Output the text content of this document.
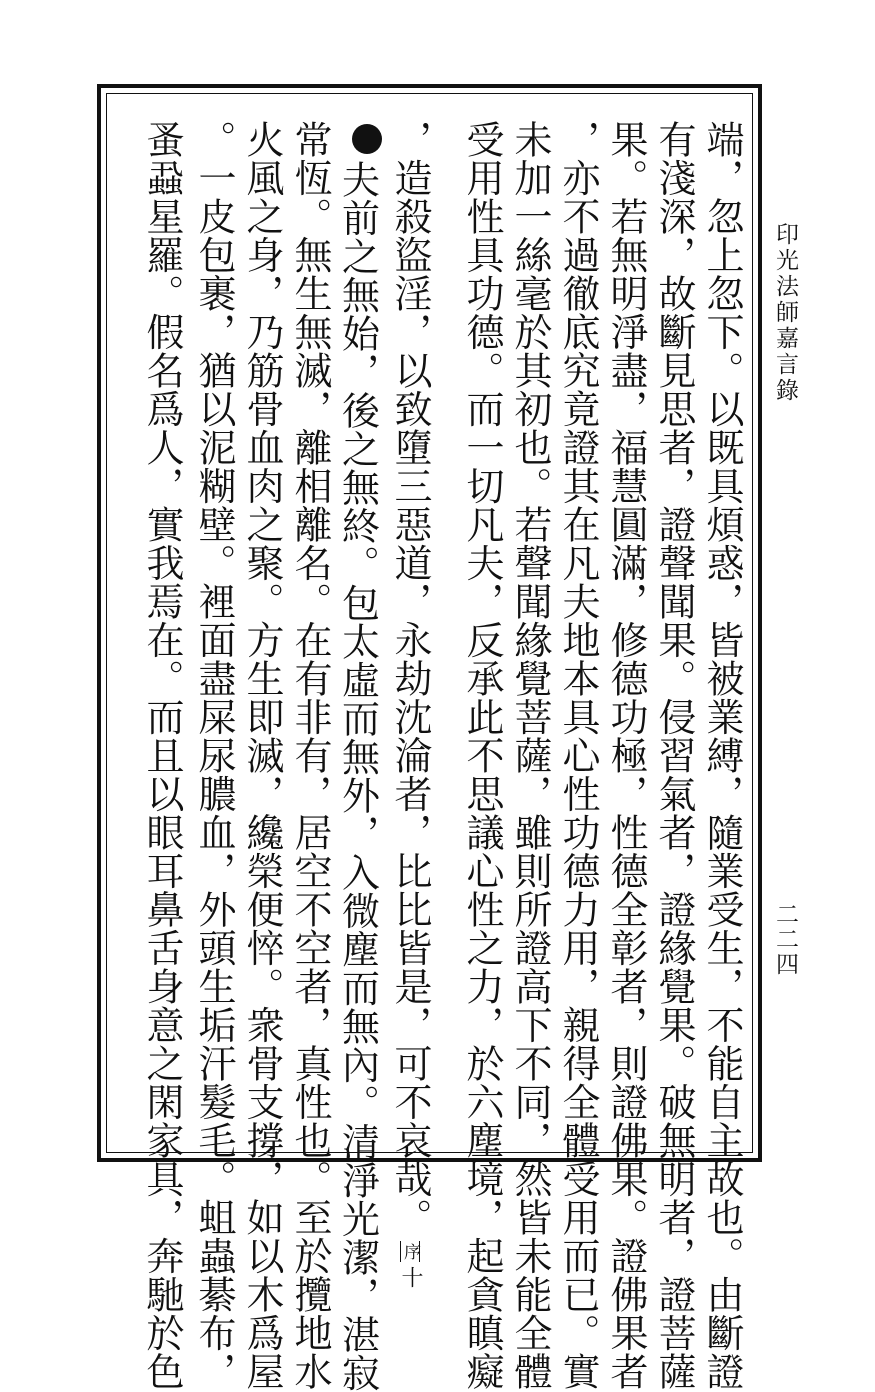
印光法師嘉言錄
二二四
端，忽上忽下。以既具煩惑，皆被業縛，隨業受生，不能自主故也。由斷證
有淺深，故斷見思者，證聲聞果。侵習氣者，證緣覺果。破無明者，證菩薩
果。若無明淨盡，福慧圓滿，修德功極，性德全彰者，則證佛果。證佛果者
，亦不過徹底究竟證其在凡夫地本具心性功德力用，親得全體受用而已。實
未加一絲毫於其初也。若聲聞緣覺菩薩，雖則所證高下不同，然皆未能全體
受用性具功德。而一切凡夫，反承此不思議心性之力，於六塵境，起貪瞋癡
，造殺盜淫，以致墮三惡道，永劫沈淪者，比比皆是，可不哀哉。序十
夫前之無始，後之無終。包太虛而無外，入微塵而無內。清淨光潔，湛寂
常恆。無生無滅，離相離名。在有非有，居空不空者，真性也。至於攬地水
火風之身，乃筋骨血肉之聚。方生即滅，纔榮便悴。衆骨支撐，如以木爲屋
。一皮包裹，猶以泥糊壁。裡面盡屎尿膿血，外頭生垢汗髮毛。蛆蟲綦布，
蚤蝨星羅。假名爲人，實我焉在。而且以眼耳鼻舌身意之閑家具，奔馳於色
